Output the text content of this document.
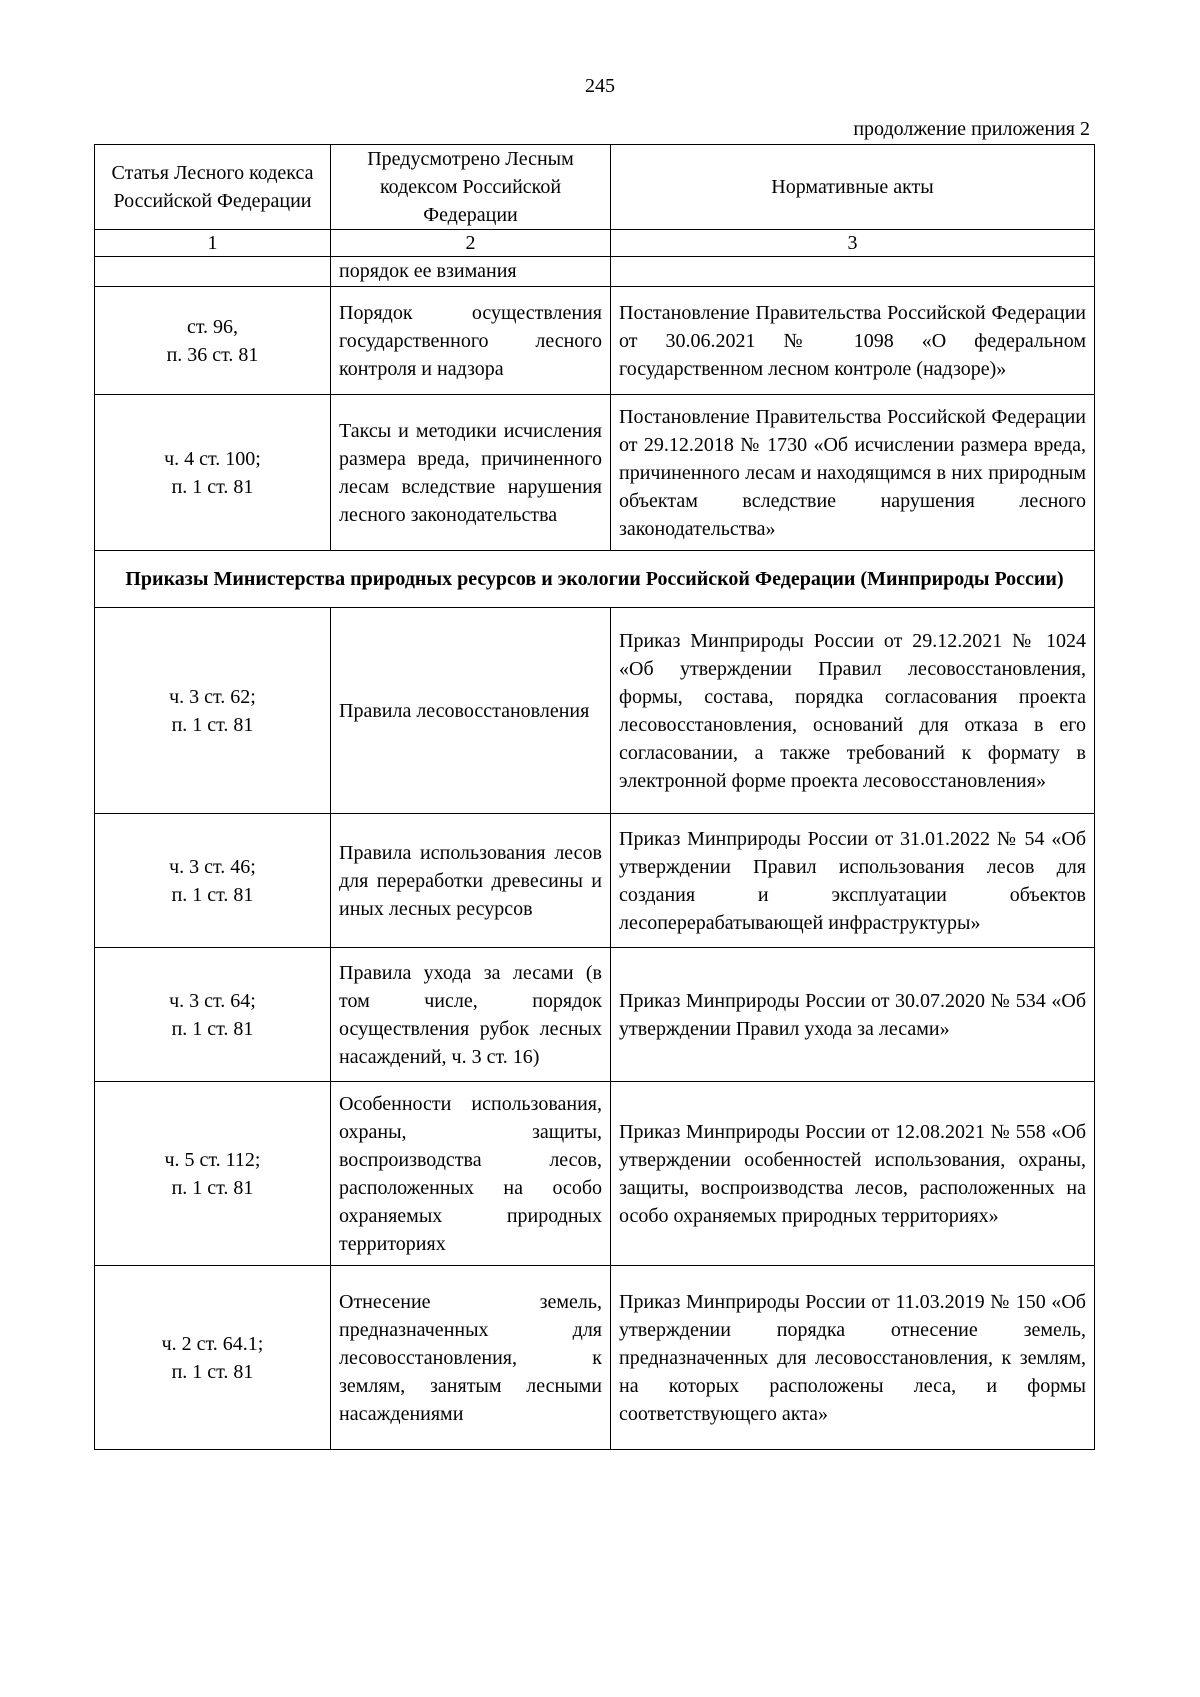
245
продолжение приложения 2
Статья Лесного кодекса Российской Федерации	Предусмотрено Лесным кодексом Российской Федерации	Нормативные акты
1	2	3

	порядок ее взимания	

ст. 96,
п. 36 ст. 81	Порядок осуществления государственного лесного контроля и надзора	Постановление Правительства Российской Федерации от 30.06.2021 № 1098 «О федеральном государственном лесном контроле (надзоре)»

ч. 4 ст. 100;
п. 1 ст. 81	Таксы и методики исчисления размера вреда, причиненного лесам вследствие нарушения лесного законодательства	Постановление Правительства Российской Федерации от 29.12.2018 № 1730 «Об исчислении размера вреда, причиненного лесам и находящимся в них природным объектам вследствие нарушения лесного законодательства»

Приказы Министерства природных ресурсов и экологии Российской Федерации (Минприроды России)		

ч. 3 ст. 62;
п. 1 ст. 81	Правила лесовосстановления	Приказ Минприроды России от 29.12.2021 № 1024 «Об утверждении Правил лесовосстановления, формы, состава, порядка согласования проекта лесовосстановления, оснований для отказа в его согласовании, а также требований к формату в электронной форме проекта лесовосстановления»

ч. 3 ст. 46;
п. 1 ст. 81	Правила использования лесов для переработки древесины и иных лесных ресурсов	Приказ Минприроды России от 31.01.2022 № 54 «Об утверждении Правил использования лесов для создания и эксплуатации объектов лесоперерабатывающей инфраструктуры»

ч. 3 ст. 64;
п. 1 ст. 81	Правила ухода за лесами (в том числе, порядок осуществления рубок лесных насаждений, ч. 3 ст. 16)	Приказ Минприроды России от 30.07.2020 № 534 «Об утверждении Правил ухода за лесами»

ч. 5 ст. 112;
п. 1 ст. 81	Особенности использования, охраны, защиты, воспроизводства лесов, расположенных на особо охраняемых природных территориях	Приказ Минприроды России от 12.08.2021 № 558 «Об утверждении особенностей использования, охраны, защиты, воспроизводства лесов, расположенных на особо охраняемых природных территориях»

ч. 2 ст. 64.1;
п. 1 ст. 81	Отнесение земель, предназначенных для лесовосстановления, к землям, занятым лесными насаждениями	Приказ Минприроды России от 11.03.2019 № 150 «Об утверждении порядка отнесение земель, предназначенных для лесовосстановления, к землям, на которых расположены леса, и формы соответствующего акта»
